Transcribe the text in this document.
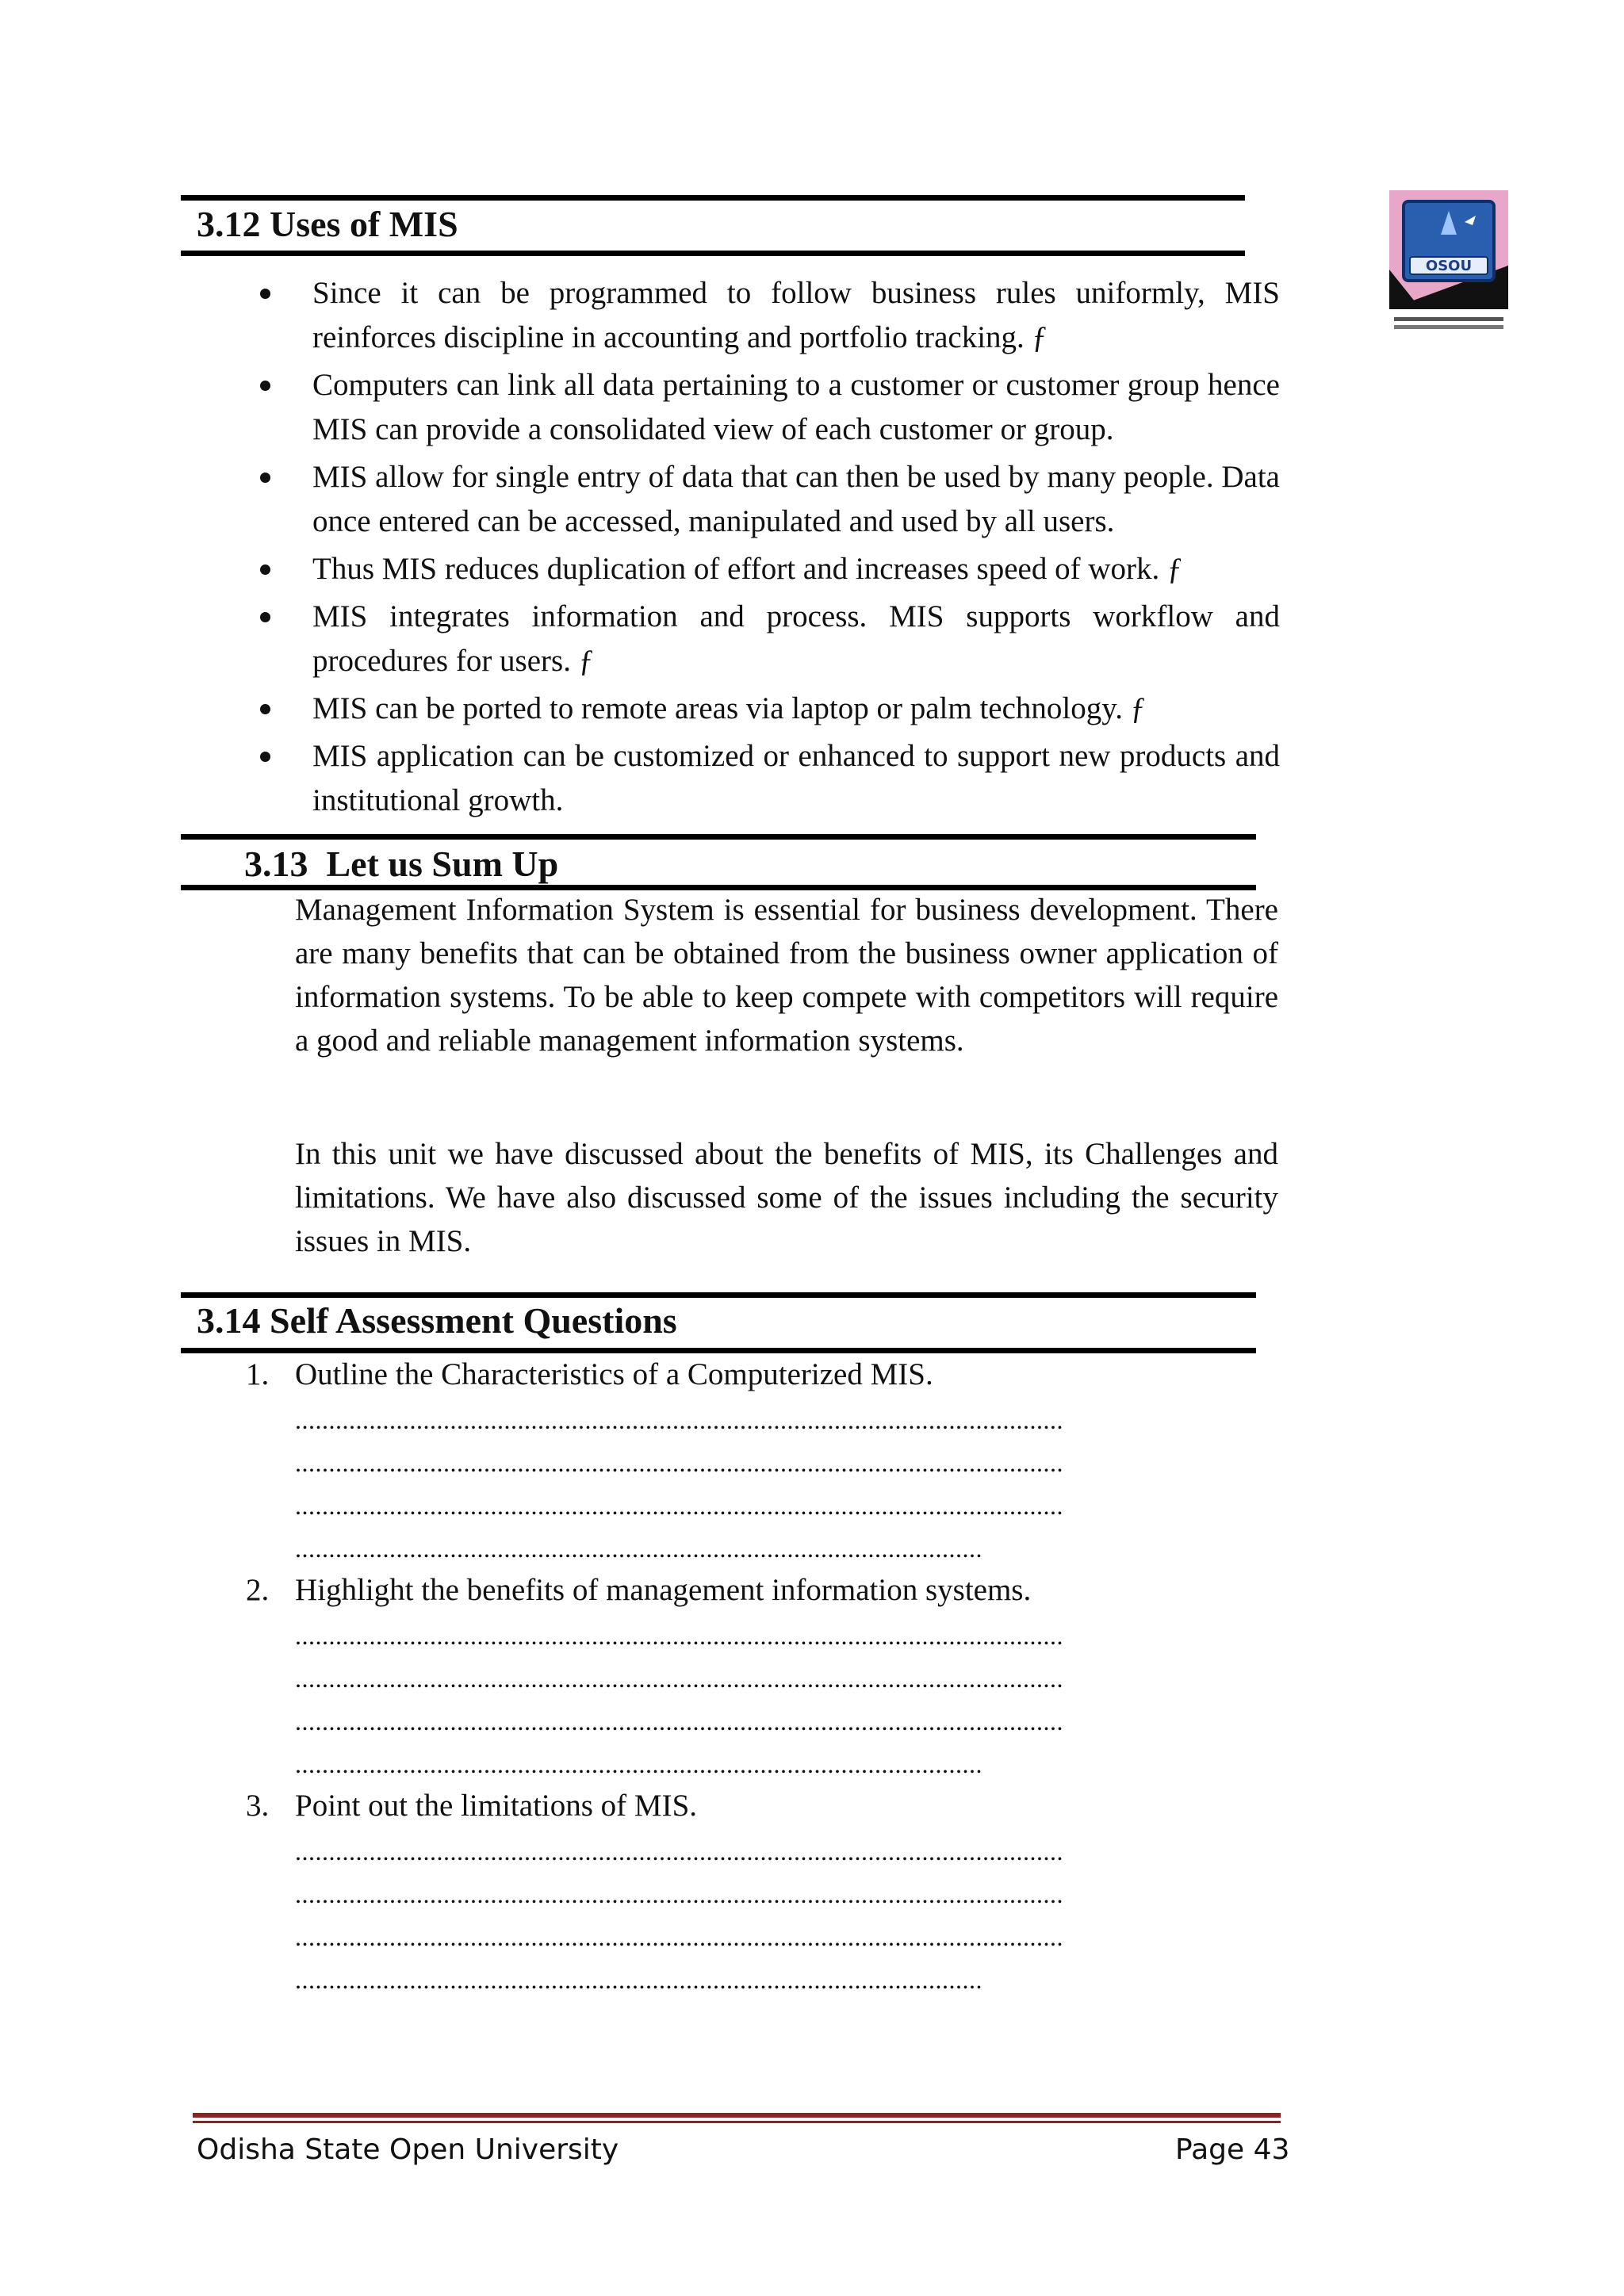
3.12 Uses of MIS
Since it can be programmed to follow business rules uniformly, MIS reinforces discipline in accounting and portfolio tracking. ƒ
Computers can link all data pertaining to a customer or customer group hence MIS can provide a consolidated view of each customer or group.
MIS allow for single entry of data that can then be used by many people. Data once entered can be accessed, manipulated and used by all users.
Thus MIS reduces duplication of effort and increases speed of work. ƒ
MIS integrates information and process. MIS supports workflow and procedures for users. ƒ
MIS can be ported to remote areas via laptop or palm technology. ƒ
MIS application can be customized or enhanced to support new products and institutional growth.
3.13  Let us Sum Up

Management Information System is essential for business development. There are many benefits that can be obtained from the business owner application of information systems. To be able to keep compete with competitors will require a good and reliable management information systems.

In this unit we have discussed about the benefits of MIS, its Challenges and limitations. We have also discussed some of the issues including the security issues in MIS.

3.14 Self Assessment Questions
1. Outline the Characteristics of a Computerized MIS.
..................................................................................................................
..................................................................................................................
..................................................................................................................
......................................................................................................
2. Highlight the benefits of management information systems.
..................................................................................................................
..................................................................................................................
..................................................................................................................
......................................................................................................
3. Point out the limitations of MIS.
..................................................................................................................
..................................................................................................................
..................................................................................................................
......................................................................................................
OSOU
Odisha State Open University	Page 43
